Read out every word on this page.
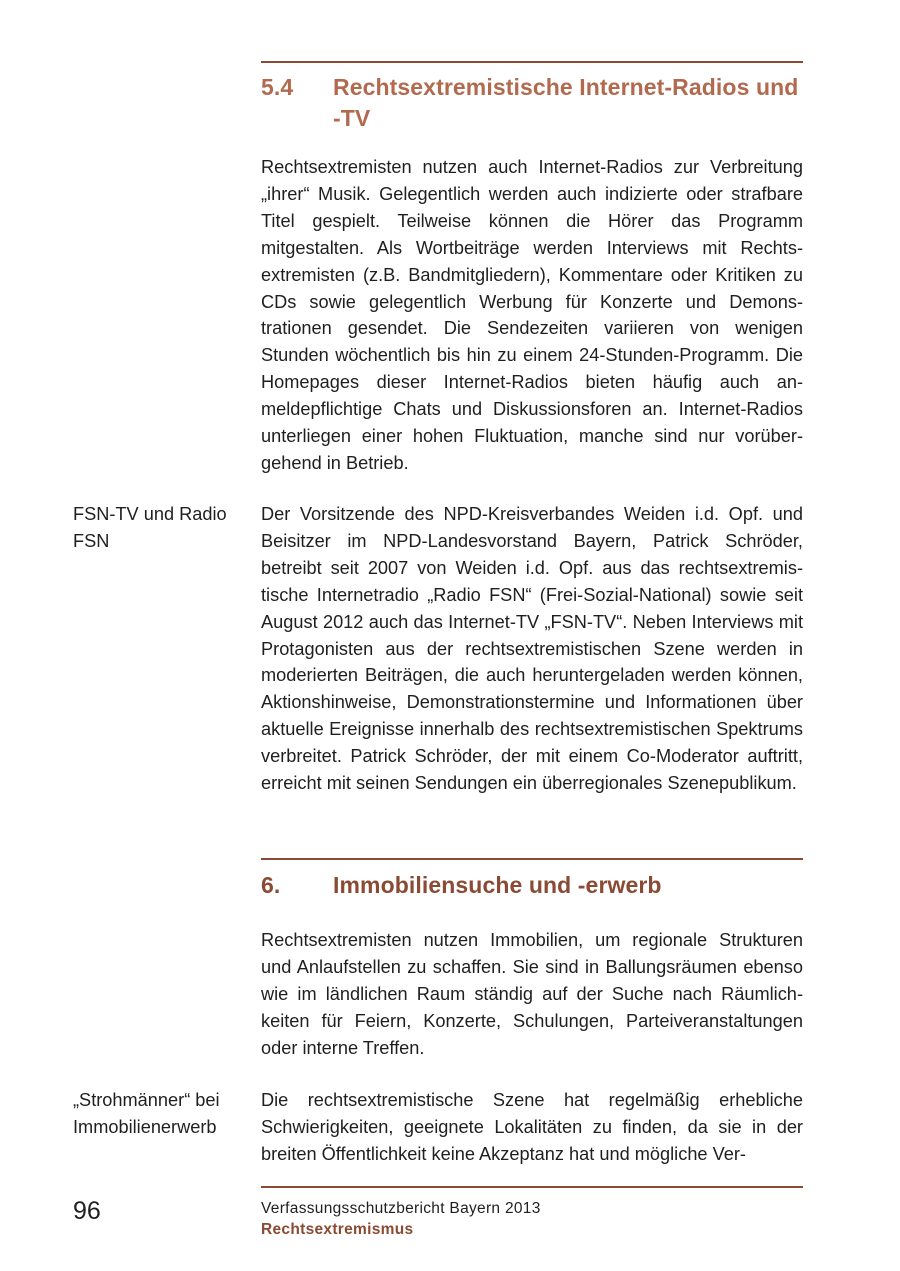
5.4 Rechtsextremistische Internet-Radios und -TV

Rechtsextremisten nutzen auch Internet-Radios zur Verbreitung „ihrer“ Musik. Gelegentlich werden auch indizierte oder strafbare Titel gespielt. Teilweise können die Hörer das Programm mitgestalten. Als Wortbeiträge werden Interviews mit Rechtsextremisten (z.B. Bandmitgliedern), Kommentare oder Kritiken zu CDs sowie gelegentlich Werbung für Konzerte und Demonstrationen gesendet. Die Sendezeiten variieren von wenigen Stunden wöchentlich bis hin zu einem 24-Stunden-Programm. Die Homepages dieser Internet-Radios bieten häufig auch anmeldepflichtige Chats und Diskussionsforen an. Internet-Radios unterliegen einer hohen Fluktuation, manche sind nur vorübergehend in Betrieb.

FSN-TV und Radio FSN

Der Vorsitzende des NPD-Kreisverbandes Weiden i.d. Opf. und Beisitzer im NPD-Landesvorstand Bayern, Patrick Schröder, betreibt seit 2007 von Weiden i.d. Opf. aus das rechtsextremistische Internetradio „Radio FSN“ (Frei-Sozial-National) sowie seit August 2012 auch das Internet-TV „FSN-TV“. Neben Interviews mit Protagonisten aus der rechtsextremistischen Szene werden in moderierten Beiträgen, die auch heruntergeladen werden können, Aktionshinweise, Demonstrationstermine und Informationen über aktuelle Ereignisse innerhalb des rechtsextremistischen Spektrums verbreitet. Patrick Schröder, der mit einem Co-Moderator auftritt, erreicht mit seinen Sendungen ein überregionales Szenepublikum.

6. Immobiliensuche und -erwerb

Rechtsextremisten nutzen Immobilien, um regionale Strukturen und Anlaufstellen zu schaffen. Sie sind in Ballungsräumen ebenso wie im ländlichen Raum ständig auf der Suche nach Räumlichkeiten für Feiern, Konzerte, Schulungen, Parteiveranstaltungen oder interne Treffen.

„Strohmänner“ bei Immobilienerwerb

Die rechtsextremistische Szene hat regelmäßig erhebliche Schwierigkeiten, geeignete Lokalitäten zu finden, da sie in der breiten Öffentlichkeit keine Akzeptanz hat und mögliche Ver-

96	Verfassungsschutzbericht Bayern 2013
Rechtsextremismus
